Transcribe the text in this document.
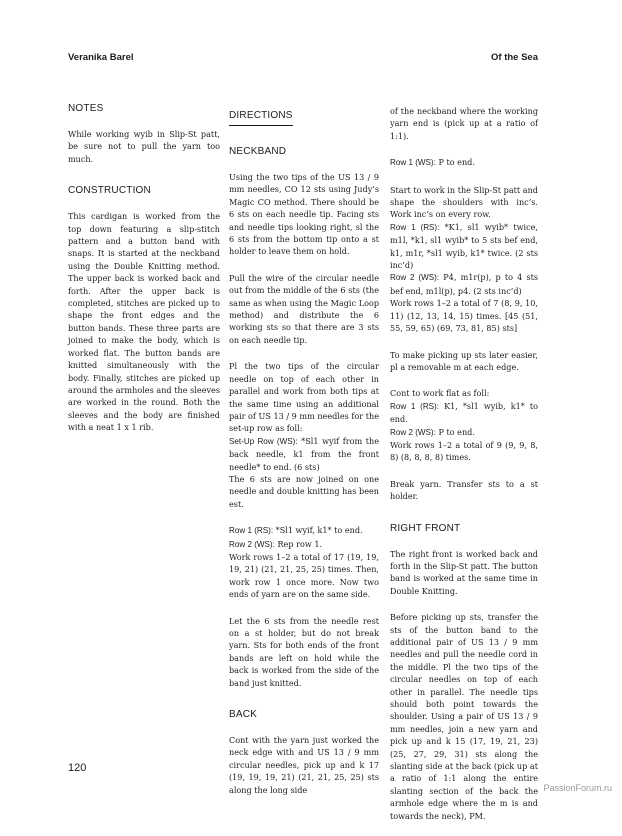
Veranika Barel	Of the Sea
NOTES

While working wyib in Slip-St patt, be sure not to pull the yarn too much.

CONSTRUCTION

This cardigan is worked from the top down featuring a slip-stitch pattern and a button band with snaps. It is started at the neckband using the Double Knitting method. The upper back is worked back and forth. After the upper back is completed, stitches are picked up to shape the front edges and the button bands. These three parts are joined to make the body, which is worked flat. The button bands are knitted simultaneously with the body. Finally, stitches are picked up around the armholes and the sleeves are worked in the round. Both the sleeves and the body are finished with a neat 1 x 1 rib.

DIRECTIONS
NECKBAND

Using the two tips of the US 13 / 9 mm needles, CO 12 sts using Judy’s Magic CO method. There should be 6 sts on each needle tip. Facing sts and needle tips looking right, sl the 6 sts from the bottom tip onto a st holder to leave them on hold.

Pull the wire of the circular needle out from the middle of the 6 sts (the same as when using the Magic Loop method) and distribute the 6 working sts so that there are 3 sts on each needle tip.

Pl the two tips of the circular needle on top of each other in parallel and work from both tips at the same time using an additional pair of US 13 / 9 mm needles for the set-up row as foll:

Set-Up Row (WS): *Sl1 wyif from the back needle, k1 from the front needle* to end. (6 sts)

The 6 sts are now joined on one needle and double knitting has been est.

Row 1 (RS): *Sl1 wyif, k1* to end.

Row 2 (WS): Rep row 1.

Work rows 1–2 a total of 17 (19, 19, 19, 21) (21, 21, 25, 25) times. Then, work row 1 once more. Now two ends of yarn are on the same side.

Let the 6 sts from the needle rest on a st holder, but do not break yarn. Sts for both ends of the front bands are left on hold while the back is worked from the side of the band just knitted.

BACK

Cont with the yarn just worked the neck edge with and US 13 / 9 mm circular needles, pick up and k 17 (19, 19, 19, 21) (21, 21, 25, 25) sts along the long side

of the neckband where the working yarn end is (pick up at a ratio of 1:1).

Row 1 (WS): P to end.

Start to work in the Slip-St patt and shape the shoulders with inc’s. Work inc’s on every row.

Row 1 (RS): *K1, sl1 wyib* twice, m1l, *k1, sl1 wyib* to 5 sts bef end, k1, m1r, *sl1 wyib, k1* twice. (2 sts inc’d)

Row 2 (WS): P4, m1r(p), p to 4 sts bef end, m1l(p), p4. (2 sts inc’d)

Work rows 1–2 a total of 7 (8, 9, 10, 11) (12, 13, 14, 15) times. [45 (51, 55, 59, 65) (69, 73, 81, 85) sts]

To make picking up sts later easier, pl a removable m at each edge.

Cont to work flat as foll:

Row 1 (RS): K1, *sl1 wyib, k1* to end.

Row 2 (WS): P to end.

Work rows 1–2 a total of 9 (9, 9, 8, 8) (8, 8, 8, 8) times.

Break yarn. Transfer sts to a st holder.

RIGHT FRONT

The right front is worked back and forth in the Slip-St patt. The button band is worked at the same time in Double Knitting.

Before picking up sts, transfer the sts of the button band to the additional pair of US 13 / 9 mm needles and pull the needle cord in the middle. Pl the two tips of the circular needles on top of each other in parallel. The needle tips should both point towards the shoulder. Using a pair of US 13 / 9 mm needles, join a new yarn and pick up and k 15 (17, 19, 21, 23) (25, 27, 29, 31) sts along the slanting side at the back (pick up at a ratio of 1:1 along the entire slanting section of the back the armhole edge where the m is and towards the neck), PM.

120
PassionForum.ru
